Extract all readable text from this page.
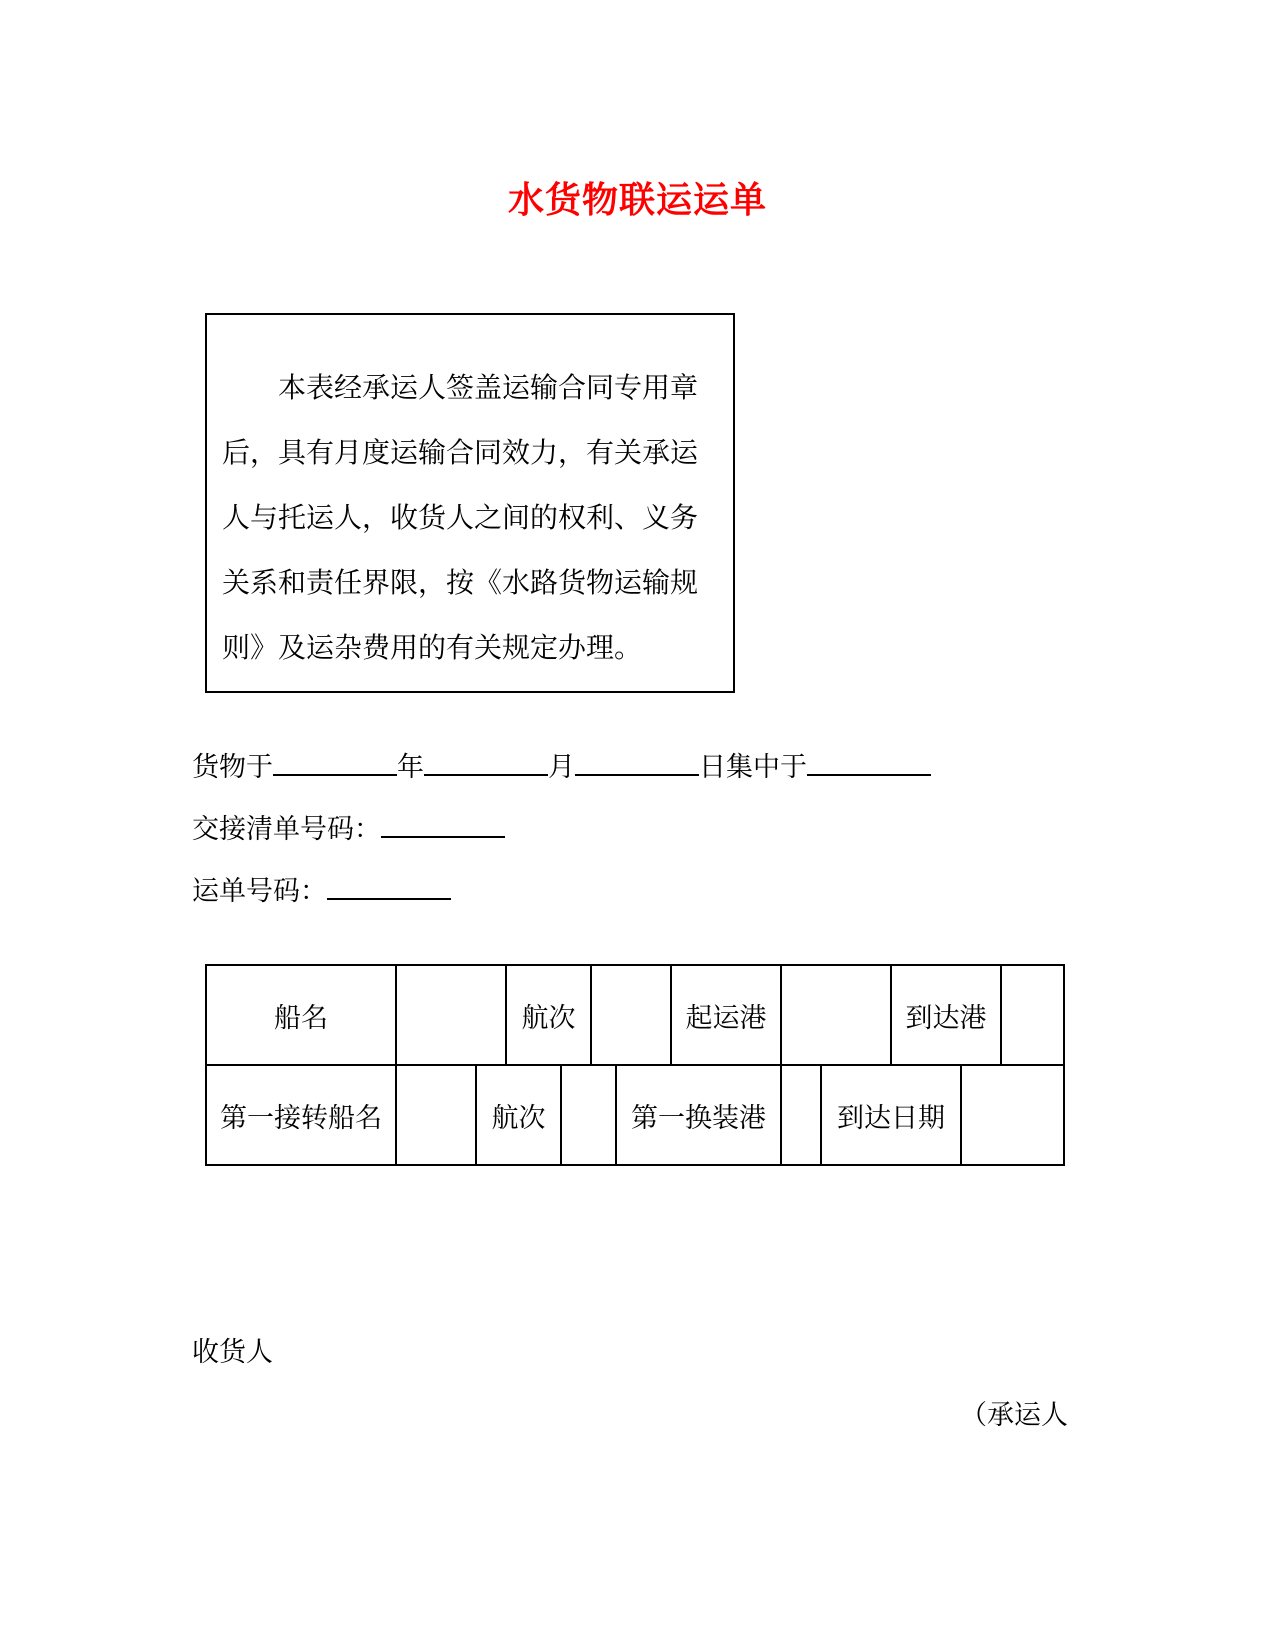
水货物联运运单
本表经承运人签盖运输合同专用章
后，具有月度运输合同效力，有关承运
人与托运人，收货人之间的权利、义务
关系和责任界限，按《水路货物运输规
则》及运杂费用的有关规定办理。

货物于	年	月	日集中于

交接清单号码：

运单号码：

船名	航次	起运港	到达港
第一接转船名	航次	第一换装港	到达日期

收货人

（承运人
